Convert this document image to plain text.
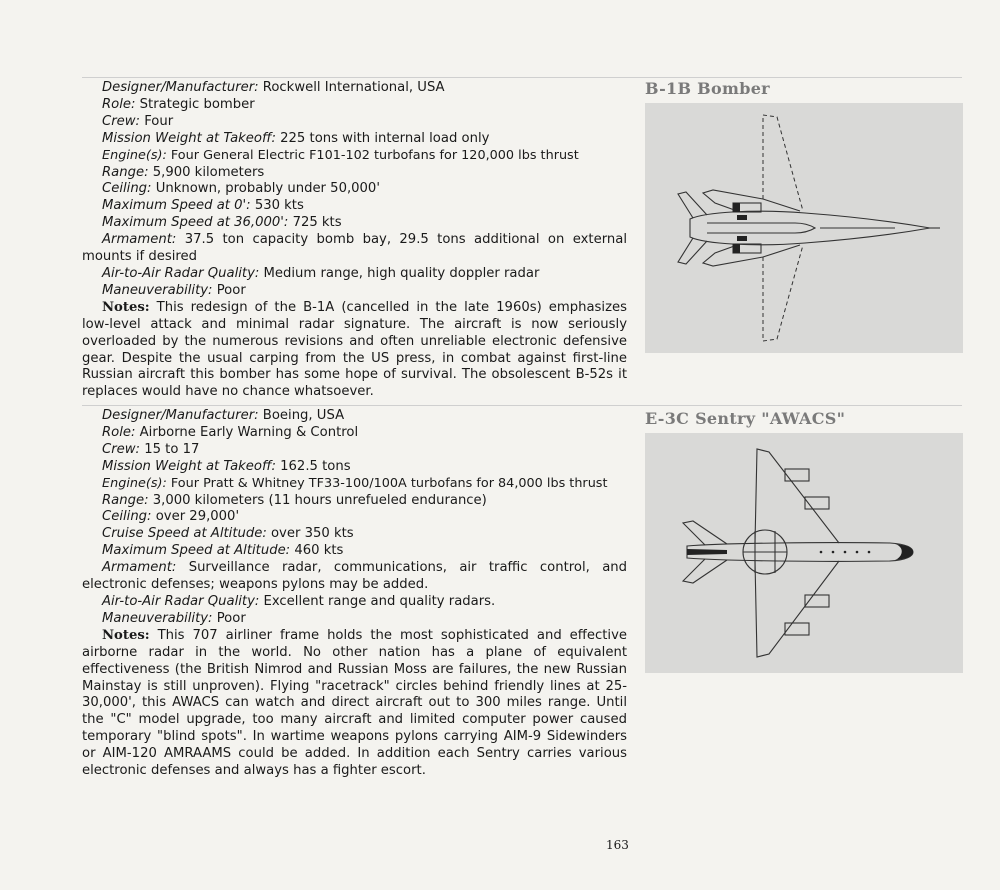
Designer/Manufacturer: Rockwell International, USA

Role: Strategic bomber

Crew: Four

Mission Weight at Takeoff: 225 tons with internal load only

Engine(s): Four General Electric F101-102 turbofans for 120,000 lbs thrust

Range: 5,900 kilometers

Ceiling: Unknown, probably under 50,000'

Maximum Speed at 0': 530 kts

Maximum Speed at 36,000': 725 kts

Armament: 37.5 ton capacity bomb bay, 29.5 tons additional on external mounts if desired

Air-to-Air Radar Quality: Medium range, high quality doppler radar

Maneuverability: Poor

Notes: This redesign of the B-1A (cancelled in the late 1960s) emphasizes low-level attack and minimal radar signature. The aircraft is now seriously overloaded by the numerous revisions and often unreliable electronic defensive gear. Despite the usual carping from the US press, in combat against first-line Russian aircraft this bomber has some hope of survival. The obsolescent B-52s it replaces would have no chance whatsoever.

B-1B Bomber

Designer/Manufacturer: Boeing, USA

Role: Airborne Early Warning & Control

Crew: 15 to 17

Mission Weight at Takeoff: 162.5 tons

Engine(s): Four Pratt & Whitney TF33-100/100A turbofans for 84,000 lbs thrust

Range: 3,000 kilometers (11 hours unrefueled endurance)

Ceiling: over 29,000'

Cruise Speed at Altitude: over 350 kts

Maximum Speed at Altitude: 460 kts

Armament: Surveillance radar, communications, air traffic control, and electronic defenses; weapons pylons may be added.

Air-to-Air Radar Quality: Excellent range and quality radars.

Maneuverability: Poor

Notes: This 707 airliner frame holds the most sophisticated and effective airborne radar in the world. No other nation has a plane of equivalent effectiveness (the British Nimrod and Russian Moss are failures, the new Russian Mainstay is still unproven). Flying "racetrack" circles behind friendly lines at 25-30,000', this AWACS can watch and direct aircraft out to 300 miles range. Until the "C" model upgrade, too many aircraft and limited computer power caused temporary "blind spots". In wartime weapons pylons carrying AIM-9 Sidewinders or AIM-120 AMRAAMS could be added. In addition each Sentry carries various electronic defenses and always has a fighter escort.

E-3C Sentry "AWACS"
163
